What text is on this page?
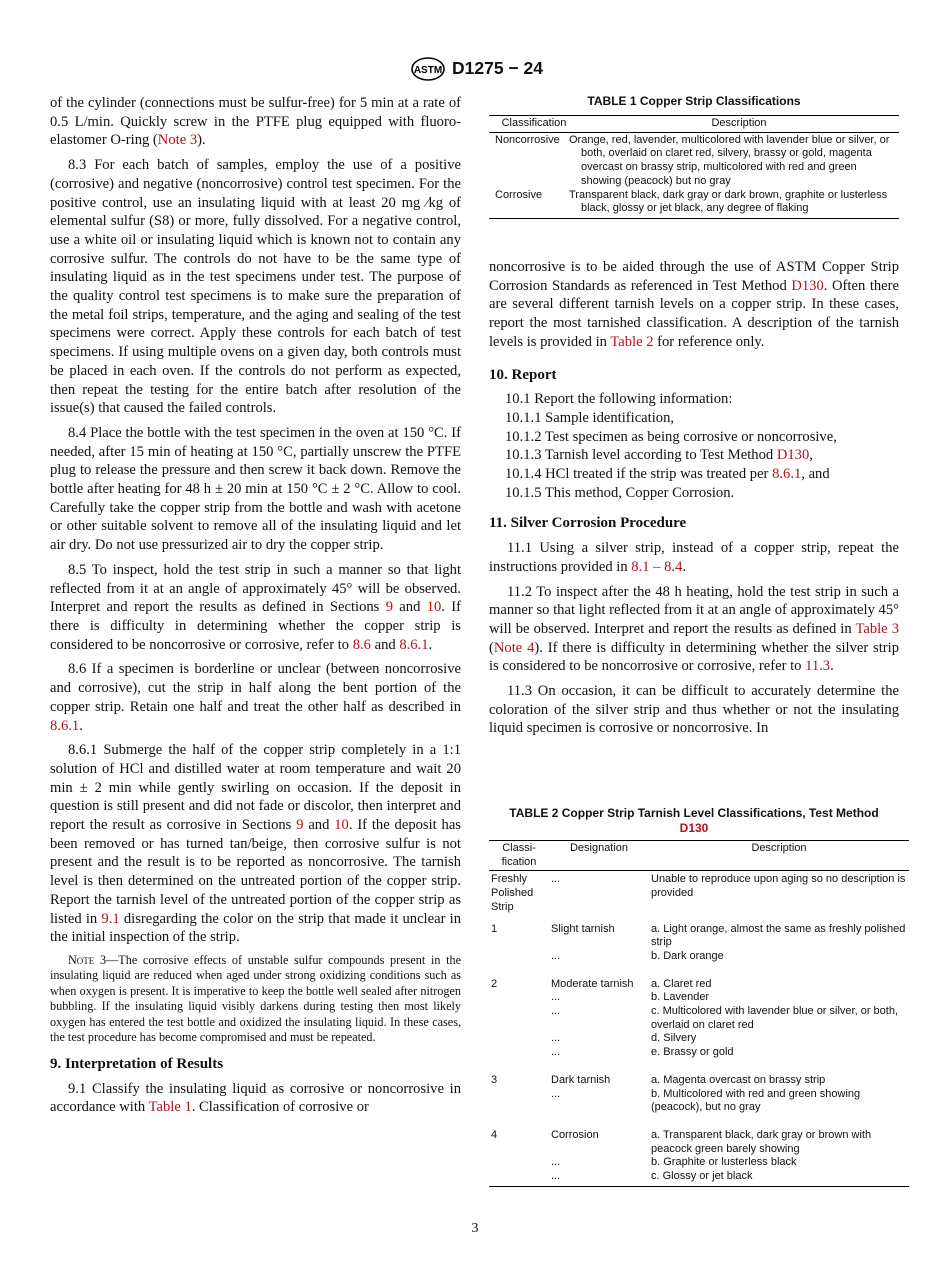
ASTM D1275 − 24

of the cylinder (connections must be sulfur-free) for 5 min at a rate of 0.5 L/min. Quickly screw in the PTFE plug equipped with fluoro-elastomer O-ring (Note 3).

8.3 For each batch of samples, employ the use of a positive (corrosive) and negative (noncorrosive) control test specimen. For the positive control, use an insulating liquid with at least 20 mg ⁄kg of elemental sulfur (S8) or more, fully dissolved. For a negative control, use a white oil or insulating liquid which is known not to contain any corrosive sulfur. The controls do not have to be the same type of insulating liquid as in the test specimens under test. The purpose of the quality control test specimens is to make sure the preparation of the metal foil strips, temperature, and the aging and sealing of the test specimens were correct. Apply these controls for each batch of test specimens. If using multiple ovens on a given day, both controls must be placed in each oven. If the controls do not perform as expected, then repeat the testing for the entire batch after resolution of the issue(s) that caused the failed controls.

8.4 Place the bottle with the test specimen in the oven at 150 °C. If needed, after 15 min of heating at 150 °C, partially unscrew the PTFE plug to release the pressure and then screw it back down. Remove the bottle after heating for 48 h ± 20 min at 150 °C ± 2 °C. Allow to cool. Carefully take the copper strip from the bottle and wash with acetone or other suitable solvent to remove all of the insulating liquid and let air dry. Do not use pressurized air to dry the copper strip.

8.5 To inspect, hold the test strip in such a manner so that light reflected from it at an angle of approximately 45° will be observed. Interpret and report the results as defined in Sections 9 and 10. If there is difficulty in determining whether the copper strip is considered to be noncorrosive or corrosive, refer to 8.6 and 8.6.1.

8.6 If a specimen is borderline or unclear (between noncorrosive and corrosive), cut the strip in half along the bent portion of the copper strip. Retain one half and treat the other half as described in 8.6.1.

8.6.1 Submerge the half of the copper strip completely in a 1:1 solution of HCl and distilled water at room temperature and wait 20 min ± 2 min while gently swirling on occasion. If the deposit in question is still present and did not fade or discolor, then interpret and report the result as corrosive in Sections 9 and 10. If the deposit has been removed or has turned tan/beige, then corrosive sulfur is not present and the result is to be reported as noncorrosive. The tarnish level is then determined on the untreated portion of the copper strip. Report the tarnish level of the untreated portion of the copper strip as listed in 9.1 disregarding the color on the strip that made it unclear in the initial inspection of the strip.

Note 3—The corrosive effects of unstable sulfur compounds present in the insulating liquid are reduced when aged under strong oxidizing conditions such as when oxygen is present. It is imperative to keep the bottle well sealed after nitrogen bubbling. If the insulating liquid visibly darkens during testing then most likely oxygen has entered the test bottle and oxidized the insulating liquid. In these cases, the test procedure has become compromised and must be repeated.

9. Interpretation of Results

9.1 Classify the insulating liquid as corrosive or noncorrosive in accordance with Table 1. Classification of corrosive or

TABLE 1 Copper Strip Classifications
Classification	Description
Noncorrosive	Orange, red, lavender, multicolored with lavender blue or silver, or both, overlaid on claret red, silvery, brassy or gold, magenta overcast on brassy strip, multicolored with red and green showing (peacock) but no gray
Corrosive	Transparent black, dark gray or dark brown, graphite or lusterless black, glossy or jet black, any degree of flaking

noncorrosive is to be aided through the use of ASTM Copper Strip Corrosion Standards as referenced in Test Method D130. Often there are several different tarnish levels on a copper strip. In these cases, report the most tarnished classification. A description of the tarnish levels is provided in Table 2 for reference only.

10. Report

10.1 Report the following information:

10.1.1 Sample identification,

10.1.2 Test specimen as being corrosive or noncorrosive,

10.1.3 Tarnish level according to Test Method D130,

10.1.4 HCl treated if the strip was treated per 8.6.1, and

10.1.5 This method, Copper Corrosion.

11. Silver Corrosion Procedure

11.1 Using a silver strip, instead of a copper strip, repeat the instructions provided in 8.1 – 8.4.

11.2 To inspect after the 48 h heating, hold the test strip in such a manner so that light reflected from it at an angle of approximately 45° will be observed. Interpret and report the results as defined in Table 3 (Note 4). If there is difficulty in determining whether the silver strip is considered to be noncorrosive or corrosive, refer to 11.3.

11.3 On occasion, it can be difficult to accurately determine the coloration of the silver strip and thus whether or not the insulating liquid specimen is corrosive or noncorrosive. In

TABLE 2 Copper Strip Tarnish Level Classifications, Test Method
D130
Classi-
fication	Designation	Description
Freshly Polished Strip	...	Unable to reproduce upon aging so no description is provided
1	Slight tarnish	a. Light orange, almost the same as freshly polished strip
	...	b. Dark orange
2	Moderate tarnish	a. Claret red
	...	b. Lavender
	...	c. Multicolored with lavender blue or silver, or both, overlaid on claret red
	...	d. Silvery
	...	e. Brassy or gold
3	Dark tarnish	a. Magenta overcast on brassy strip
	...	b. Multicolored with red and green showing (peacock), but no gray
4	Corrosion	a. Transparent black, dark gray or brown with peacock green barely showing
	...	b. Graphite or lusterless black
	...	c. Glossy or jet black
3
